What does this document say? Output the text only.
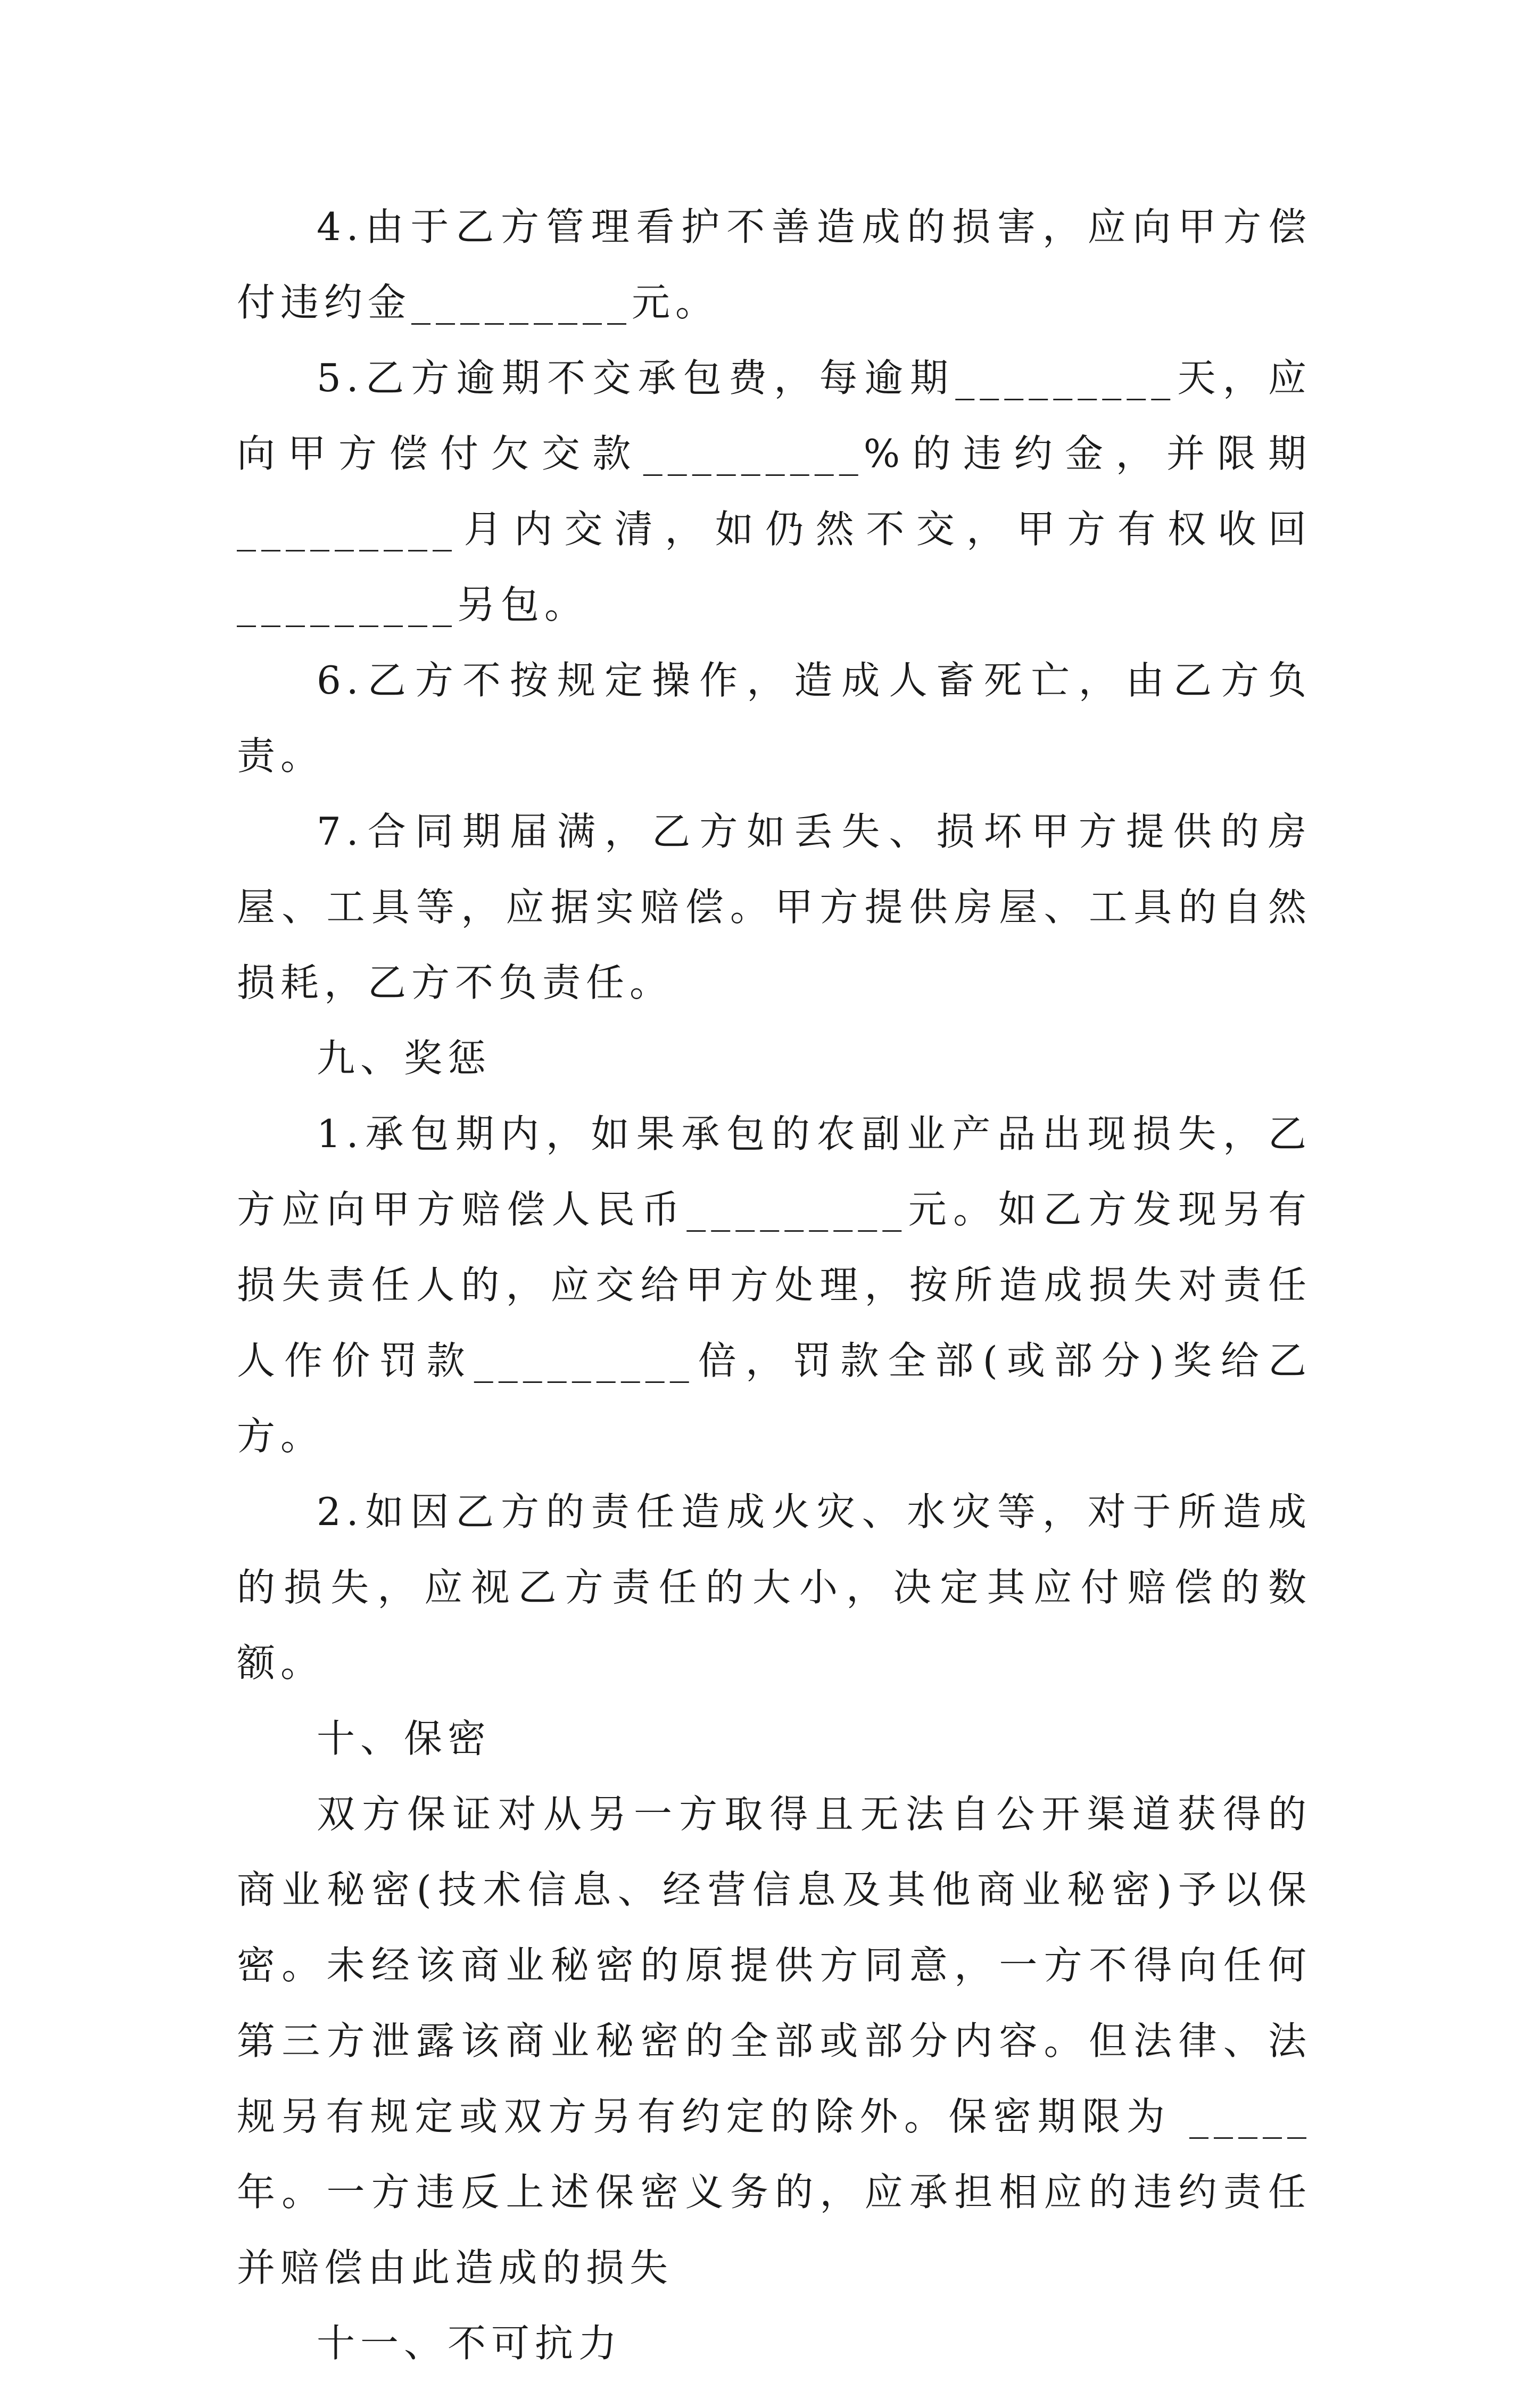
4.由于乙方管理看护不善造成的损害，应向甲方偿付违约金_________元。

5.乙方逾期不交承包费，每逾期_________天，应向甲方偿付欠交款_________%的违约金，并限期_________月内交清，如仍然不交，甲方有权收回_________另包。

6.乙方不按规定操作，造成人畜死亡，由乙方负责。

7.合同期届满，乙方如丢失、损坏甲方提供的房屋、工具等，应据实赔偿。甲方提供房屋、工具的自然损耗，乙方不负责任。

九、奖惩

1.承包期内，如果承包的农副业产品出现损失，乙方应向甲方赔偿人民币_________元。如乙方发现另有损失责任人的，应交给甲方处理，按所造成损失对责任人作价罚款_________倍，罚款全部(或部分)奖给乙方。

2.如因乙方的责任造成火灾、水灾等，对于所造成的损失，应视乙方责任的大小，决定其应付赔偿的数额。

十、保密

双方保证对从另一方取得且无法自公开渠道获得的商业秘密(技术信息、经营信息及其他商业秘密)予以保密。未经该商业秘密的原提供方同意，一方不得向任何第三方泄露该商业秘密的全部或部分内容。但法律、法规另有规定或双方另有约定的除外。保密期限为 _____年。一方违反上述保密义务的，应承担相应的违约责任并赔偿由此造成的损失

十一、不可抗力
